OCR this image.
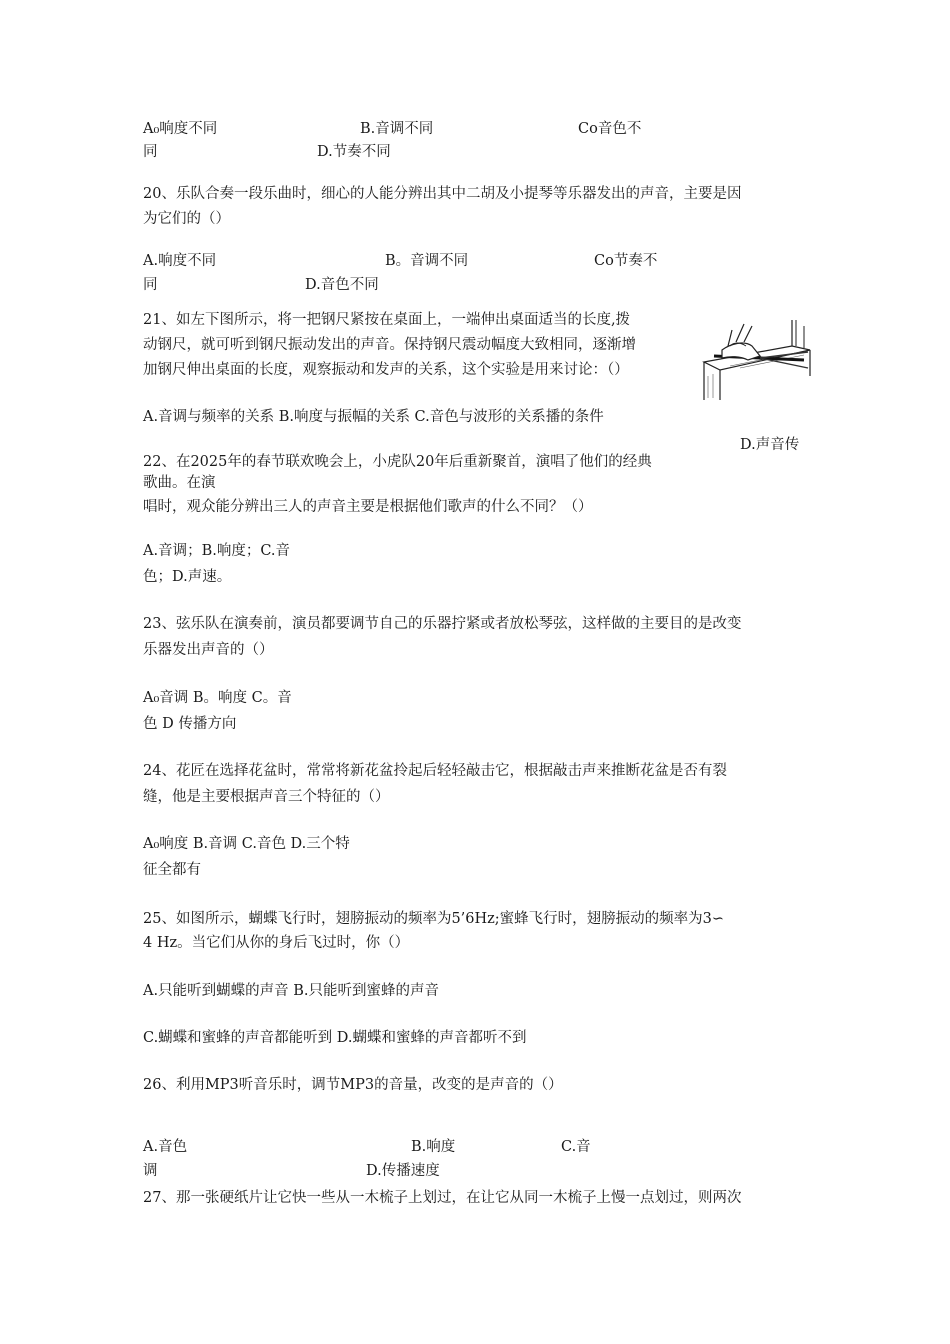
A₀响度不同	B.音调不同	Co音色不
同	D.节奏不同
20、乐队合奏一段乐曲时，细心的人能分辨出其中二胡及小提琴等乐器发出的声音，主要是因
为它们的（）
A.响度不同	B。音调不同	Co节奏不
同	D.音色不同
21、如左下图所示，将一把钢尺紧按在桌面上，一端伸出桌面适当的长度,拨
动钢尺，就可听到钢尺振动发出的声音。保持钢尺震动幅度大致相同，逐渐增
加钢尺伸出桌面的长度，观察振动和发声的关系，这个实验是用来讨论：（）
A.音调与频率的关系 B.响度与振幅的关系 C.音色与波形的关系播的条件
D.声音传
22、在2025年的春节联欢晚会上，小虎队20年后重新聚首，演唱了他们的经典
歌曲。在演
唱时，观众能分辨出三人的声音主要是根据他们歌声的什么不同？（）
A.音调；B.响度；C.音
色；D.声速。
23、弦乐队在演奏前，演员都要调节自己的乐器拧紧或者放松琴弦，这样做的主要目的是改变
乐器发出声音的（）
A₀音调 B。响度 C。音
色 D 传播方向
24、花匠在选择花盆时，常常将新花盆拎起后轻轻敲击它，根据敲击声来推断花盆是否有裂
缝，他是主要根据声音三个特征的（）
A₀响度 B.音调 C.音色 D.三个特
征全都有
25、如图所示，蝴蝶飞行时，翅膀振动的频率为5’6Hz;蜜蜂飞行时，翅膀振动的频率为3∽
4 Hz。当它们从你的身后飞过时，你（）
A.只能听到蝴蝶的声音 B.只能听到蜜蜂的声音
C.蝴蝶和蜜蜂的声音都能听到 D.蝴蝶和蜜蜂的声音都听不到
26、利用MP3听音乐时，调节MP3的音量，改变的是声音的（）
A.音色	B.响度	C.音
调	D.传播速度
27、那一张硬纸片让它快一些从一木梳子上划过，在让它从同一木梳子上慢一点划过，则两次
